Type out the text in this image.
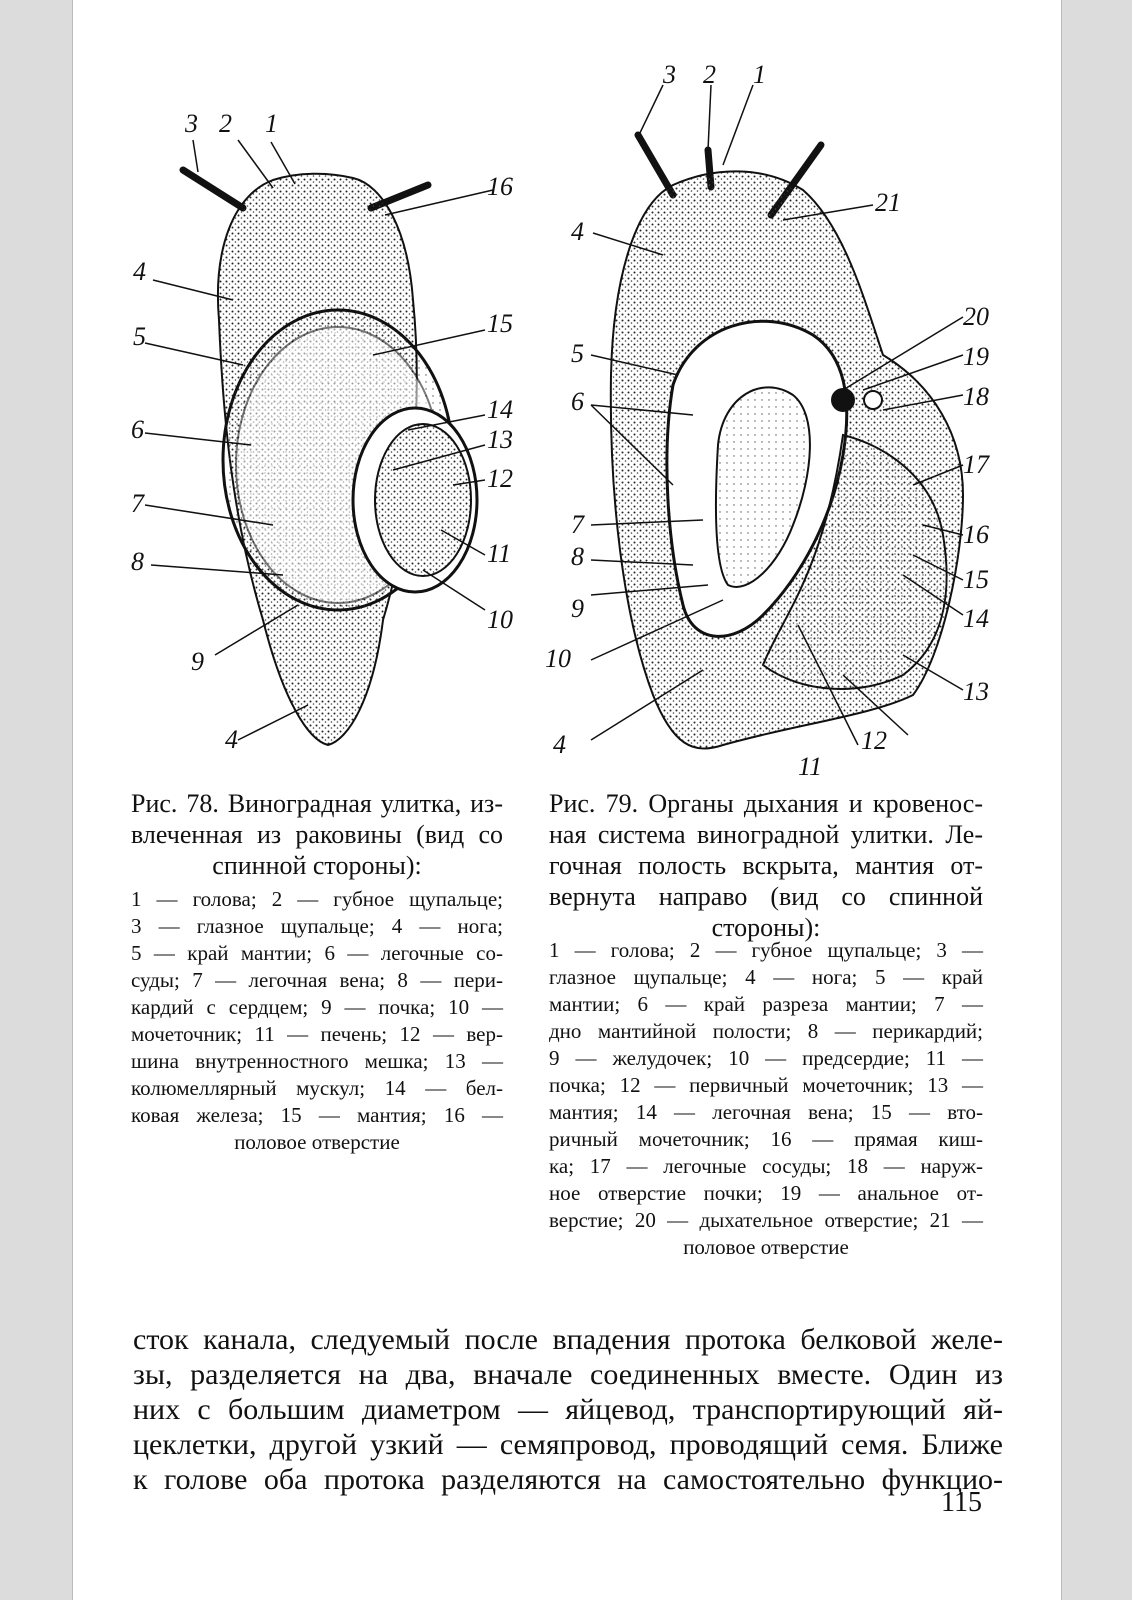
1
2
3
4
5
6
7
8
9
10
11
12
13
14
15
16
4
3 2 1
21
4
20
19
18
5
6
17
7	16
8
15
9	14
10
13
4	12
11
Рис. 78. Виноградная улитка, из-
влеченная из раковины (вид со
спинной стороны):
1 — голова; 2 — губное щупальце;
3 — глазное щупальце; 4 — нога;
5 — край мантии; 6 — легочные со-
суды; 7 — легочная вена; 8 — пери-
кардий с сердцем; 9 — почка; 10 —
мочеточник; 11 — печень; 12 — вер-
шина внутренностного мешка; 13 —
колюмеллярный мускул; 14 — бел-
ковая железа; 15 — мантия; 16 —
половое отверстие
Рис. 79. Органы дыхания и кровенос-
ная система виноградной улитки. Ле-
гочная полость вскрыта, мантия от-
вернута направо (вид со спинной
стороны):
1 — голова; 2 — губное щупальце; 3 —
глазное щупальце; 4 — нога; 5 — край
мантии; 6 — край разреза мантии; 7 —
дно мантийной полости; 8 — перикардий;
9 — желудочек; 10 — предсердие; 11 —
почка; 12 — первичный мочеточник; 13 —
мантия; 14 — легочная вена; 15 — вто-
ричный мочеточник; 16 — прямая киш-
ка; 17 — легочные сосуды; 18 — наруж-
ное отверстие почки; 19 — анальное от-
верстие; 20 — дыхательное отверстие; 21 —
половое отверстие
сток канала, следуемый после впадения протока белковой желе-
зы, разделяется на два, вначале соединенных вместе. Один из
них с большим диаметром — яйцевод, транспортирующий яй-
цеклетки, другой узкий — семяпровод, проводящий семя. Ближе
к голове оба протока разделяются на самостоятельно функцио-
115
